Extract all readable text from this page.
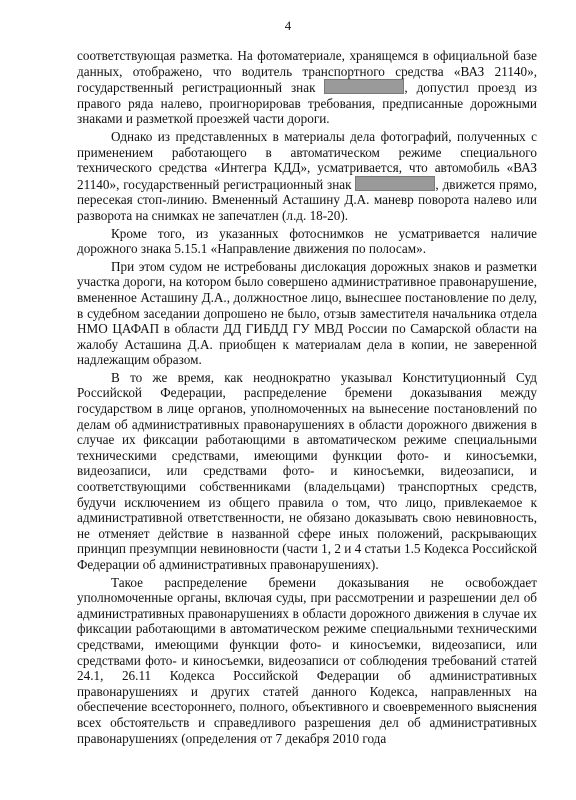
4

соответствующая разметка. На фотоматериале, хранящемся в официальной базе данных, отображено, что водитель транспортного средства «ВАЗ 21140», государственный регистрационный знак	, допустил проезд из правого ряда налево, проигнорировав требования, предписанные дорожными знаками и разметкой проезжей части дороги.

Однако из представленных в материалы дела фотографий, полученных с применением работающего в автоматическом режиме специального технического средства «Интегра КДД», усматривается, что автомобиль «ВАЗ 21140», государственный регистрационный знак	, движется прямо, пересекая стоп-линию. Вмененный Асташину Д.А. маневр поворота налево или разворота на снимках не запечатлен (л.д. 18-20).

Кроме того, из указанных фотоснимков не усматривается наличие дорожного знака 5.15.1 «Направление движения по полосам».

При этом судом не истребованы дислокация дорожных знаков и разметки участка дороги, на котором было совершено административное правонарушение, вмененное Асташину Д.А., должностное лицо, вынесшее постановление по делу, в судебном заседании допрошено не было, отзыв заместителя начальника отдела НМО ЦАФАП в области ДД ГИБДД ГУ МВД России по Самарской области на жалобу Асташина Д.А. приобщен к материалам дела в копии, не заверенной надлежащим образом.

В то же время, как неоднократно указывал Конституционный Суд Российской Федерации, распределение бремени доказывания между государством в лице органов, уполномоченных на вынесение постановлений по делам об административных правонарушениях в области дорожного движения в случае их фиксации работающими в автоматическом режиме специальными техническими средствами, имеющими функции фото- и киносъемки, видеозаписи, или средствами фото- и киносъемки, видеозаписи, и соответствующими собственниками (владельцами) транспортных средств, будучи исключением из общего правила о том, что лицо, привлекаемое к административной ответственности, не обязано доказывать свою невиновность, не отменяет действие в названной сфере иных положений, раскрывающих принцип презумпции невиновности (части 1, 2 и 4 статьи 1.5 Кодекса Российской Федерации об административных правонарушениях).

Такое распределение бремени доказывания не освобождает уполномоченные органы, включая суды, при рассмотрении и разрешении дел об административных правонарушениях в области дорожного движения в случае их фиксации работающими в автоматическом режиме специальными техническими средствами, имеющими функции фото- и киносъемки, видеозаписи, или средствами фото- и киносъемки, видеозаписи от соблюдения требований статей 24.1, 26.11 Кодекса Российской Федерации об административных правонарушениях и других статей данного Кодекса, направленных на обеспечение всестороннего, полного, объективного и своевременного выяснения всех обстоятельств и справедливого разрешения дел об административных правонарушениях (определения от 7 декабря 2010 года
